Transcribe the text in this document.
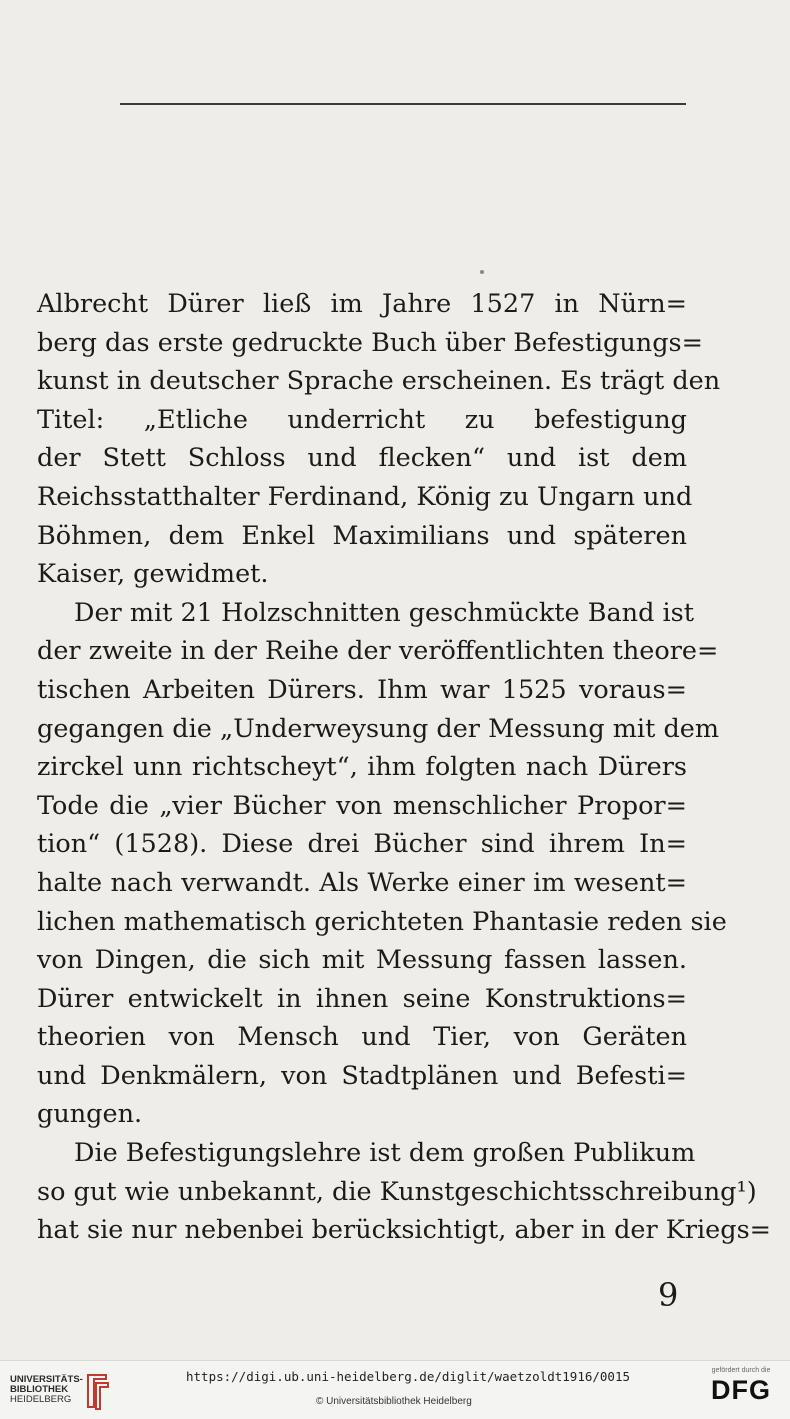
Albrecht Dürer ließ im Jahre 1527 in Nürn=
berg das erste gedruckte Buch über Befestigungs=
kunst in deutscher Sprache erscheinen. Es trägt den
Titel: „Etliche underricht zu befestigung
der Stett Schloss und flecken“ und ist dem
Reichsstatthalter Ferdinand, König zu Ungarn und
Böhmen, dem Enkel Maximilians und späteren
Kaiser, gewidmet.
Der mit 21 Holzschnitten geschmückte Band ist
der zweite in der Reihe der veröffentlichten theore=
tischen Arbeiten Dürers. Ihm war 1525 voraus=
gegangen die „Underweysung der Messung mit dem
zirckel unn richtscheyt“, ihm folgten nach Dürers
Tode die „vier Bücher von menschlicher Propor=
tion“ (1528). Diese drei Bücher sind ihrem In=
halte nach verwandt. Als Werke einer im wesent=
lichen mathematisch gerichteten Phantasie reden sie
von Dingen, die sich mit Messung fassen lassen.
Dürer entwickelt in ihnen seine Konstruktions=
theorien von Mensch und Tier, von Geräten
und Denkmälern, von Stadtplänen und Befesti=
gungen.
Die Befestigungslehre ist dem großen Publikum
so gut wie unbekannt, die Kunstgeschichtsschreibung¹)
hat sie nur nebenbei berücksichtigt, aber in der Kriegs=
9
UNIVERSITÄTS-
BIBLIOTHEK
HEIDELBERG
https://digi.ub.uni-heidelberg.de/diglit/waetzoldt1916/0015
© Universitätsbibliothek Heidelberg
gefördert durch die
DFG
